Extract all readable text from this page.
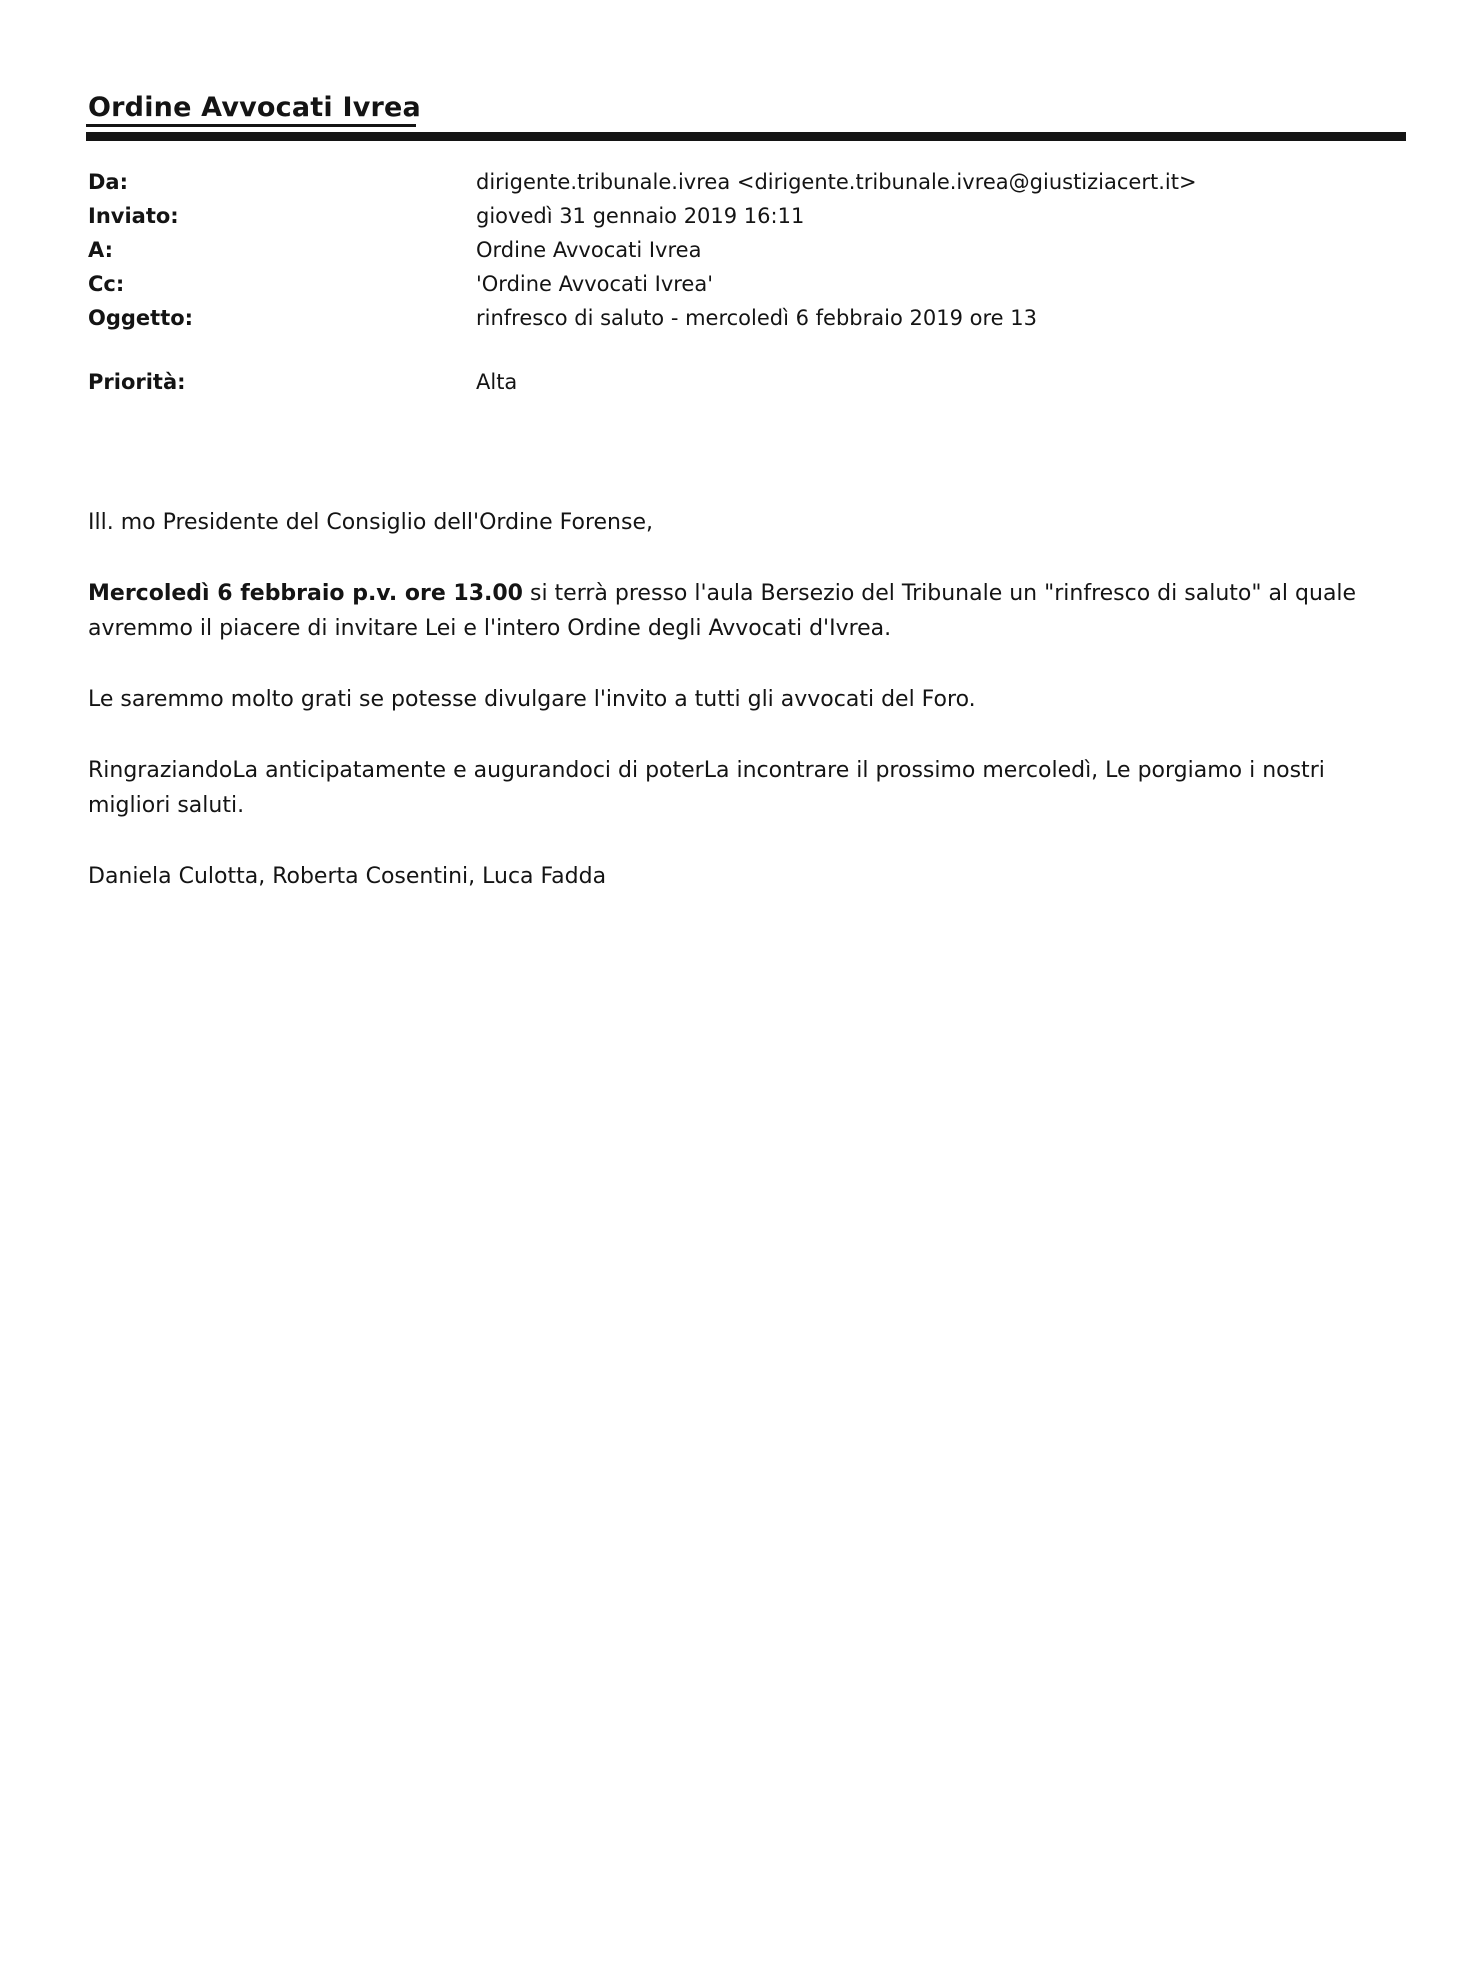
Ordine Avvocati Ivrea
Da:	dirigente.tribunale.ivrea <dirigente.tribunale.ivrea@giustiziacert.it>
Inviato:	giovedì 31 gennaio 2019 16:11
A:	Ordine Avvocati Ivrea
Cc:	'Ordine Avvocati Ivrea'
Oggetto:	rinfresco di saluto - mercoledì 6 febbraio 2019 ore 13
Priorità:	Alta

Ill. mo Presidente del Consiglio dell'Ordine Forense,

Mercoledì 6 febbraio p.v. ore 13.00 si terrà presso l'aula Bersezio del Tribunale un "rinfresco di saluto" al quale avremmo il piacere di invitare Lei e l'intero Ordine degli Avvocati d'Ivrea.

Le saremmo molto grati se potesse divulgare l'invito a tutti gli avvocati del Foro.

RingraziandoLa anticipatamente e augurandoci di poterLa incontrare il prossimo mercoledì, Le porgiamo i nostri migliori saluti.

Daniela Culotta, Roberta Cosentini, Luca Fadda
